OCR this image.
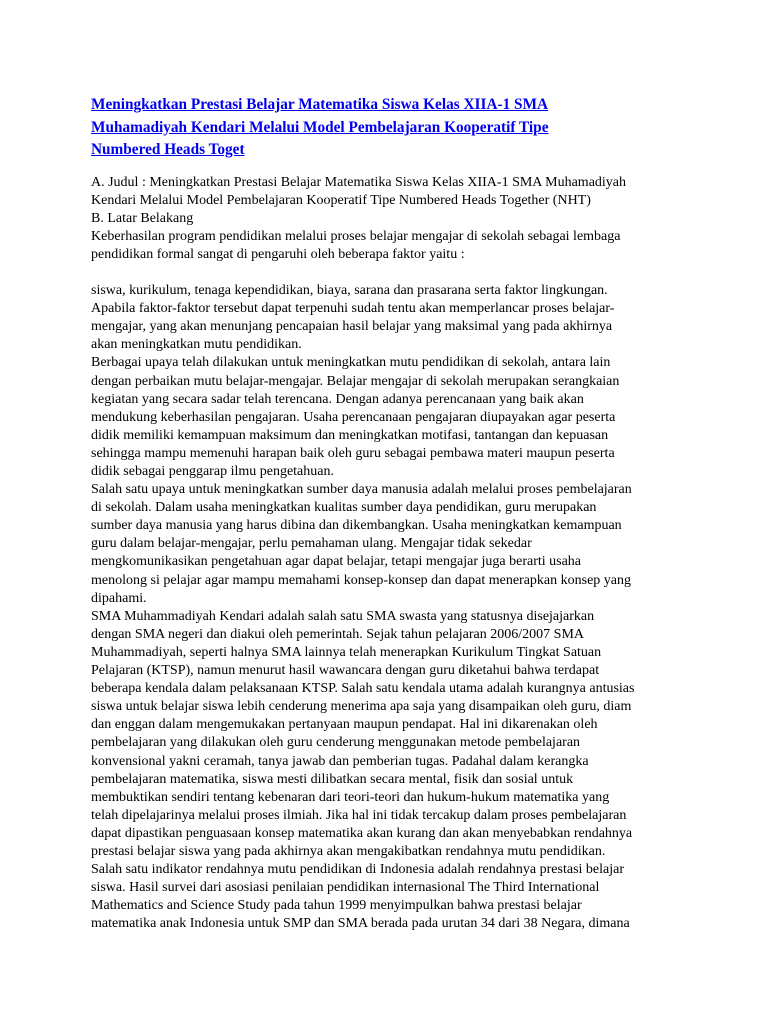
Meningkatkan Prestasi Belajar Matematika Siswa Kelas XIIA-1 SMA
Muhamadiyah Kendari Melalui Model Pembelajaran Kooperatif Tipe
Numbered Heads Toget
A. Judul : Meningkatkan Prestasi Belajar Matematika Siswa Kelas XIIA-1 SMA Muhamadiyah
Kendari Melalui Model Pembelajaran Kooperatif Tipe Numbered Heads Together (NHT)
B. Latar Belakang
Keberhasilan program pendidikan melalui proses belajar mengajar di sekolah sebagai lembaga
pendidikan formal sangat di pengaruhi oleh beberapa faktor yaitu :
siswa, kurikulum, tenaga kependidikan, biaya, sarana dan prasarana serta faktor lingkungan.
Apabila faktor-faktor tersebut dapat terpenuhi sudah tentu akan memperlancar proses belajar-
mengajar, yang akan menunjang pencapaian hasil belajar yang maksimal yang pada akhirnya
akan meningkatkan mutu pendidikan.
Berbagai upaya telah dilakukan untuk meningkatkan mutu pendidikan di sekolah, antara lain
dengan perbaikan mutu belajar-mengajar. Belajar mengajar di sekolah merupakan serangkaian
kegiatan yang secara sadar telah terencana. Dengan adanya perencanaan yang baik akan
mendukung keberhasilan pengajaran. Usaha perencanaan pengajaran diupayakan agar peserta
didik memiliki kemampuan maksimum dan meningkatkan motifasi, tantangan dan kepuasan
sehingga mampu memenuhi harapan baik oleh guru sebagai pembawa materi maupun peserta
didik sebagai penggarap ilmu pengetahuan.
Salah satu upaya untuk meningkatkan sumber daya manusia adalah melalui proses pembelajaran
di sekolah. Dalam usaha meningkatkan kualitas sumber daya pendidikan, guru merupakan
sumber daya manusia yang harus dibina dan dikembangkan. Usaha meningkatkan kemampuan
guru dalam belajar-mengajar, perlu pemahaman ulang. Mengajar tidak sekedar
mengkomunikasikan pengetahuan agar dapat belajar, tetapi mengajar juga berarti usaha
menolong si pelajar agar mampu memahami konsep-konsep dan dapat menerapkan konsep yang
dipahami.
SMA Muhammadiyah Kendari adalah salah satu SMA swasta yang statusnya disejajarkan
dengan SMA negeri dan diakui oleh pemerintah. Sejak tahun pelajaran 2006/2007 SMA
Muhammadiyah, seperti halnya SMA lainnya telah menerapkan Kurikulum Tingkat Satuan
Pelajaran (KTSP), namun menurut hasil wawancara dengan guru diketahui bahwa terdapat
beberapa kendala dalam pelaksanaan KTSP. Salah satu kendala utama adalah kurangnya antusias
siswa untuk belajar siswa lebih cenderung menerima apa saja yang disampaikan oleh guru, diam
dan enggan dalam mengemukakan pertanyaan maupun pendapat. Hal ini dikarenakan oleh
pembelajaran yang dilakukan oleh guru cenderung menggunakan metode pembelajaran
konvensional yakni ceramah, tanya jawab dan pemberian tugas. Padahal dalam kerangka
pembelajaran matematika, siswa mesti dilibatkan secara mental, fisik dan sosial untuk
membuktikan sendiri tentang kebenaran dari teori-teori dan hukum-hukum matematika yang
telah dipelajarinya melalui proses ilmiah. Jika hal ini tidak tercakup dalam proses pembelajaran
dapat dipastikan penguasaan konsep matematika akan kurang dan akan menyebabkan rendahnya
prestasi belajar siswa yang pada akhirnya akan mengakibatkan rendahnya mutu pendidikan.
Salah satu indikator rendahnya mutu pendidikan di Indonesia adalah rendahnya prestasi belajar
siswa. Hasil survei dari asosiasi penilaian pendidikan internasional The Third International
Mathematics and Science Study pada tahun 1999 menyimpulkan bahwa prestasi belajar
matematika anak Indonesia untuk SMP dan SMA berada pada urutan 34 dari 38 Negara, dimana
